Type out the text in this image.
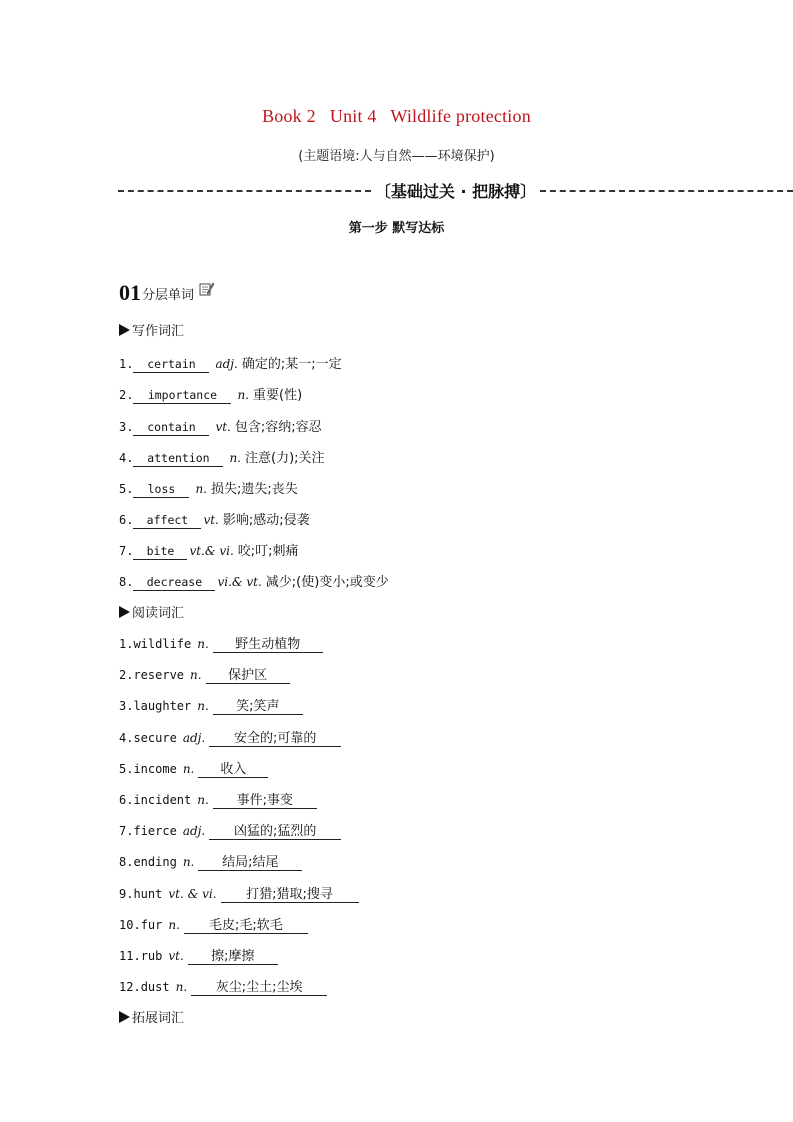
Book 2   Unit 4   Wildlife protection
(主题语境:人与自然——环境保护)
〔基础过关 · 把脉搏〕
第一步 默写达标
01 分层单词
写作词汇
1.	certain	adj. 确定的;某一;一定
2.	importance	n. 重要(性)
3.	contain	vt. 包含;容纳;容忍
4.	attention	n. 注意(力);关注
5.	loss	n. 损失;遗失;丧失
6.	affect	vt. 影响;感动;侵袭
7.	bite	vt.& vi. 咬;叮;刺痛
8.	decrease	vi.& vt. 减少;(使)变小;或变少
阅读词汇
1. wildlife n.	野生动植物
2. reserve n.	保护区
3. laughter n.	笑;笑声
4. secure adj.	安全的;可靠的
5. income n.	收入
6. incident n.	事件;事变
7. fierce adj.	凶猛的;猛烈的
8. ending n.	结局;结尾
9. hunt vt. & vi.	打猎;猎取;搜寻
10. fur n.	毛皮;毛;软毛
11. rub vt.	擦;摩擦
12. dust n.	灰尘;尘土;尘埃
拓展词汇
